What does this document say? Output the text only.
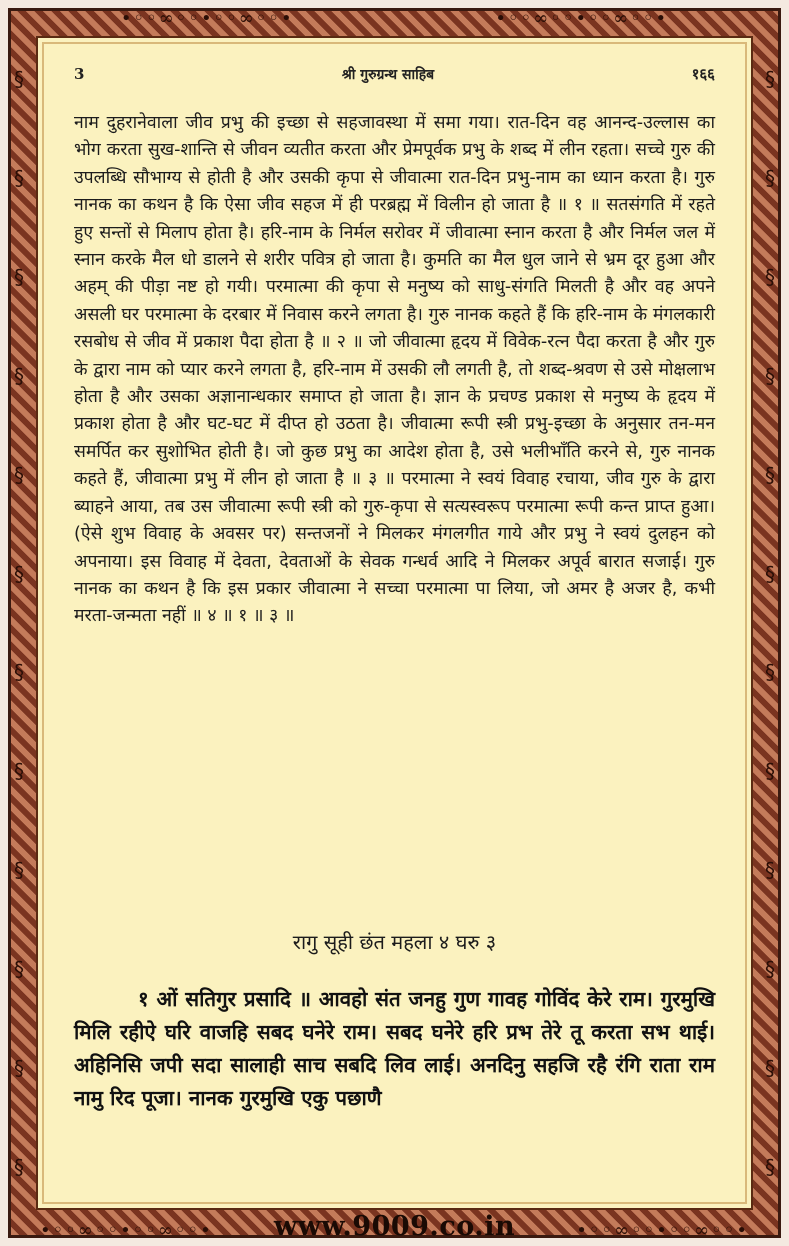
•◦◦∞◦◦•◦◦∞◦◦•	•◦◦∞◦◦•◦◦∞◦◦•
§
§
§
§
§
§
§
§
§
§
§
§
§
§
§
§
§
§
§
§
§
§
§
§
3	श्री गुरुग्रन्थ साहिब	१६६
नाम दुहरानेवाला जीव प्रभु की इच्छा से सहजावस्था में समा गया। रात-दिन वह आनन्द-उल्लास का भोग करता सुख-शान्ति से जीवन व्यतीत करता और प्रेमपूर्वक प्रभु के शब्द में लीन रहता। सच्चे गुरु की उपलब्धि सौभाग्य से होती है और उसकी कृपा से जीवात्मा रात-दिन प्रभु-नाम का ध्यान करता है। गुरु नानक का कथन है कि ऐसा जीव सहज में ही परब्रह्म में विलीन हो जाता है ॥ १ ॥ सतसंगति में रहते हुए सन्तों से मिलाप होता है। हरि-नाम के निर्मल सरोवर में जीवात्मा स्नान करता है और निर्मल जल में स्नान करके मैल धो डालने से शरीर पवित्र हो जाता है। कुमति का मैल धुल जाने से भ्रम दूर हुआ और अहम् की पीड़ा नष्ट हो गयी। परमात्मा की कृपा से मनुष्य को साधु-संगति मिलती है और वह अपने असली घर परमात्मा के दरबार में निवास करने लगता है। गुरु नानक कहते हैं कि हरि-नाम के मंगलकारी रसबोध से जीव में प्रकाश पैदा होता है ॥ २ ॥ जो जीवात्मा हृदय में विवेक-रत्न पैदा करता है और गुरु के द्वारा नाम को प्यार करने लगता है, हरि-नाम में उसकी लौ लगती है, तो शब्द-श्रवण से उसे मोक्षलाभ होता है और उसका अज्ञानान्धकार समाप्त हो जाता है। ज्ञान के प्रचण्ड प्रकाश से मनुष्य के हृदय में प्रकाश होता है और घट-घट में दीप्त हो उठता है। जीवात्मा रूपी स्त्री प्रभु-इच्छा के अनुसार तन-मन समर्पित कर सुशोभित होती है। जो कुछ प्रभु का आदेश होता है, उसे भलीभाँति करने से, गुरु नानक कहते हैं, जीवात्मा प्रभु में लीन हो जाता है ॥ ३ ॥ परमात्मा ने स्वयं विवाह रचाया, जीव गुरु के द्वारा ब्याहने आया, तब उस जीवात्मा रूपी स्त्री को गुरु-कृपा से सत्यस्वरूप परमात्मा रूपी कन्त प्राप्त हुआ। (ऐसे शुभ विवाह के अवसर पर) सन्तजनों ने मिलकर मंगलगीत गाये और प्रभु ने स्वयं दुलहन को अपनाया। इस विवाह में देवता, देवताओं के सेवक गन्धर्व आदि ने मिलकर अपूर्व बारात सजाई। गुरु नानक का कथन है कि इस प्रकार जीवात्मा ने सच्चा परमात्मा पा लिया, जो अमर है अजर है, कभी मरता-जन्मता नहीं ॥ ४ ॥ १ ॥ ३ ॥
रागु सूही छंत महला ४ घरु ३
१ ओं सतिगुर प्रसादि ॥ आवहो संत जनहु गुण गावह गोविंद केरे राम। गुरमुखि मिलि रहीऐ घरि वाजहि सबद घनेरे राम। सबद घनेरे हरि प्रभ तेरे तू करता सभ थाई। अहिनिसि जपी सदा सालाही साच सबदि लिव लाई। अनदिनु सहजि रहै रंगि राता राम नामु रिद पूजा। नानक गुरमुखि एकु पछाणै
•◦◦∞◦◦•◦◦∞◦◦•	•◦◦∞◦◦•◦◦∞◦◦•
www.9009.co.in
